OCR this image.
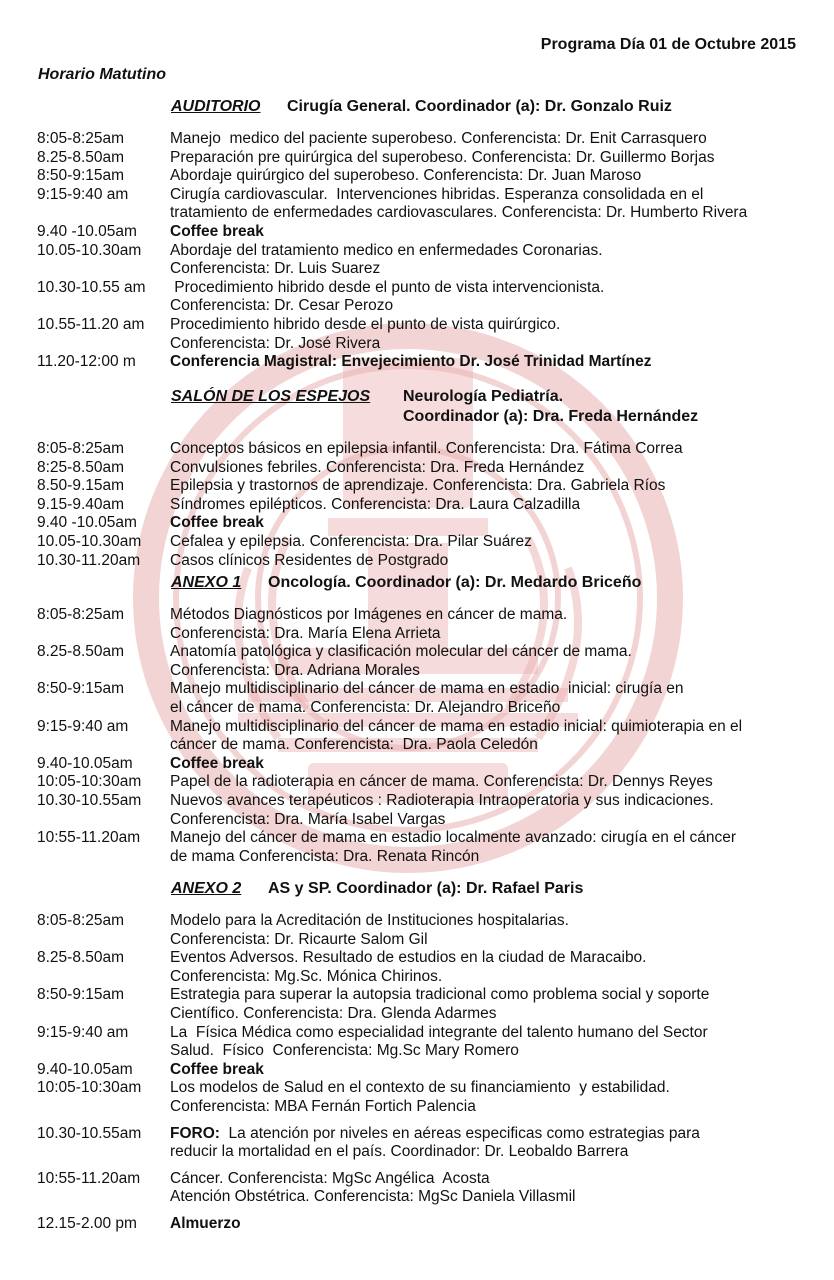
Programa Día 01 de Octubre 2015
Horario Matutino
AUDITORIO Cirugía General. Coordinador (a): Dr. Gonzalo Ruiz
8:05-8:25am	Manejo  medico del paciente superobeso. Conferencista: Dr. Enit Carrasquero
8.25-8.50am	Preparación pre quirúrgica del superobeso. Conferencista: Dr. Guillermo Borjas
8:50-9:15am	Abordaje quirúrgico del superobeso. Conferencista: Dr. Juan Maroso
9:15-9:40 am	Cirugía cardiovascular.  Intervenciones hibridas. Esperanza consolidada en el
tratamiento de enfermedades cardiovasculares. Conferencista: Dr. Humberto Rivera
9.40 -10.05am	Coffee break
10.05-10.30am	Abordaje del tratamiento medico en enfermedades Coronarias.
Conferencista: Dr. Luis Suarez
10.30-10.55 am	Procedimiento hibrido desde el punto de vista intervencionista.
Conferencista: Dr. Cesar Perozo
10.55-11.20 am	Procedimiento hibrido desde el punto de vista quirúrgico.
Conferencista: Dr. José Rivera
11.20-12:00 m	Conferencia Magistral: Envejecimiento Dr. José Trinidad Martínez
SALÓN DE LOS ESPEJOS Neurología Pediatría.
Coordinador (a): Dra. Freda Hernández
8:05-8:25am	Conceptos básicos en epilepsia infantil. Conferencista: Dra. Fátima Correa
8:25-8.50am	Convulsiones febriles. Conferencista: Dra. Freda Hernández
8.50-9.15am	Epilepsia y trastornos de aprendizaje. Conferencista: Dra. Gabriela Ríos
9.15-9.40am	Síndromes epilépticos. Conferencista: Dra. Laura Calzadilla
9.40 -10.05am	Coffee break
10.05-10.30am	Cefalea y epilepsia. Conferencista: Dra. Pilar Suárez
10.30-11.20am	Casos clínicos Residentes de Postgrado
ANEXO 1 Oncología. Coordinador (a): Dr. Medardo Briceño
8:05-8:25am	Métodos Diagnósticos por Imágenes en cáncer de mama.
Conferencista: Dra. María Elena Arrieta
8.25-8.50am	Anatomía patológica y clasificación molecular del cáncer de mama.
Conferencista: Dra. Adriana Morales
8:50-9:15am	Manejo multidisciplinario del cáncer de mama en estadio  inicial: cirugía en
el cáncer de mama. Conferencista: Dr. Alejandro Briceño
9:15-9:40 am	Manejo multidisciplinario del cáncer de mama en estadio inicial: quimioterapia en el
cáncer de mama. Conferencista:  Dra. Paola Celedón
9.40-10.05am	Coffee break
10:05-10:30am	Papel de la radioterapia en cáncer de mama. Conferencista: Dr. Dennys Reyes
10.30-10.55am	Nuevos avances terapéuticos : Radioterapia Intraoperatoria y sus indicaciones.
Conferencista: Dra. María Isabel Vargas
10:55-11.20am	Manejo del cáncer de mama en estadio localmente avanzado: cirugía en el cáncer
de mama Conferencista: Dra. Renata Rincón
ANEXO 2 AS y SP. Coordinador (a): Dr. Rafael Paris
8:05-8:25am	Modelo para la Acreditación de Instituciones hospitalarias.
Conferencista: Dr. Ricaurte Salom Gil
8.25-8.50am	Eventos Adversos. Resultado de estudios en la ciudad de Maracaibo.
Conferencista: Mg.Sc. Mónica Chirinos.
8:50-9:15am	Estrategia para superar la autopsia tradicional como problema social y soporte
Científico. Conferencista: Dra. Glenda Adarmes
9:15-9:40 am	La  Física Médica como especialidad integrante del talento humano del Sector
Salud.  Físico  Conferencista: Mg.Sc Mary Romero
9.40-10.05am	Coffee break
10:05-10:30am	Los modelos de Salud en el contexto de su financiamiento  y estabilidad.
Conferencista: MBA Fernán Fortich Palencia
10.30-10.55am	FORO:  La atención por niveles en aéreas especificas como estrategias para
reducir la mortalidad en el país. Coordinador: Dr. Leobaldo Barrera
10:55-11.20am	Cáncer. Conferencista: MgSc Angélica  Acosta
Atención Obstétrica. Conferencista: MgSc Daniela Villasmil
12.15-2.00 pm	Almuerzo
